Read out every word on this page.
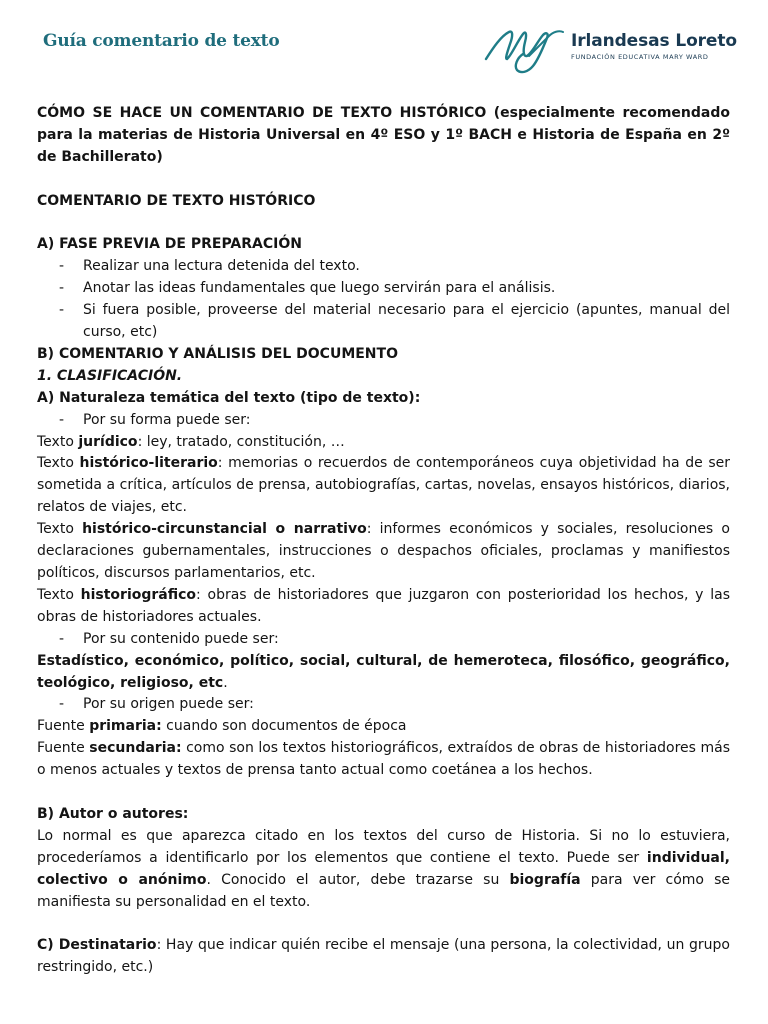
Guía comentario de texto	Irlandesas Loreto
FUNDACIÓN EDUCATIVA MARY WARD

CÓMO SE HACE UN COMENTARIO DE TEXTO HISTÓRICO (especialmente recomendado para la materias de Historia Universal en 4º ESO y 1º BACH e Historia de España en 2º de Bachillerato)

COMENTARIO DE TEXTO HISTÓRICO

A) FASE PREVIA DE PREPARACIÓN

- Realizar una lectura detenida del texto.

- Anotar las ideas fundamentales que luego servirán para el análisis.

- Si fuera posible, proveerse del material necesario para el ejercicio (apuntes, manual del curso, etc)

B) COMENTARIO Y ANÁLISIS DEL DOCUMENTO

1. CLASIFICACIÓN.

A) Naturaleza temática del texto (tipo de texto):

- Por su forma puede ser:

Texto jurídico: ley, tratado, constitución, …

Texto histórico-literario: memorias o recuerdos de contemporáneos cuya objetividad ha de ser sometida a crítica, artículos de prensa, autobiografías, cartas, novelas, ensayos históricos, diarios, relatos de viajes, etc.

Texto histórico-circunstancial o narrativo: informes económicos y sociales, resoluciones o declaraciones gubernamentales, instrucciones o despachos oficiales, proclamas y manifiestos políticos, discursos parlamentarios, etc.

Texto historiográfico: obras de historiadores que juzgaron con posterioridad los hechos, y las obras de historiadores actuales.

- Por su contenido puede ser:

Estadístico, económico, político, social, cultural, de hemeroteca, filosófico, geográfico, teológico, religioso, etc.

- Por su origen puede ser:

Fuente primaria: cuando son documentos de época

Fuente secundaria: como son los textos historiográficos, extraídos de obras de historiadores más o menos actuales y textos de prensa tanto actual como coetánea a los hechos.

B) Autor o autores:

Lo normal es que aparezca citado en los textos del curso de Historia. Si no lo estuviera, procederíamos a identificarlo por los elementos que contiene el texto. Puede ser individual, colectivo o anónimo. Conocido el autor, debe trazarse su biografía para ver cómo se manifiesta su personalidad en el texto.

C) Destinatario: Hay que indicar quién recibe el mensaje (una persona, la colectividad, un grupo restringido, etc.)
